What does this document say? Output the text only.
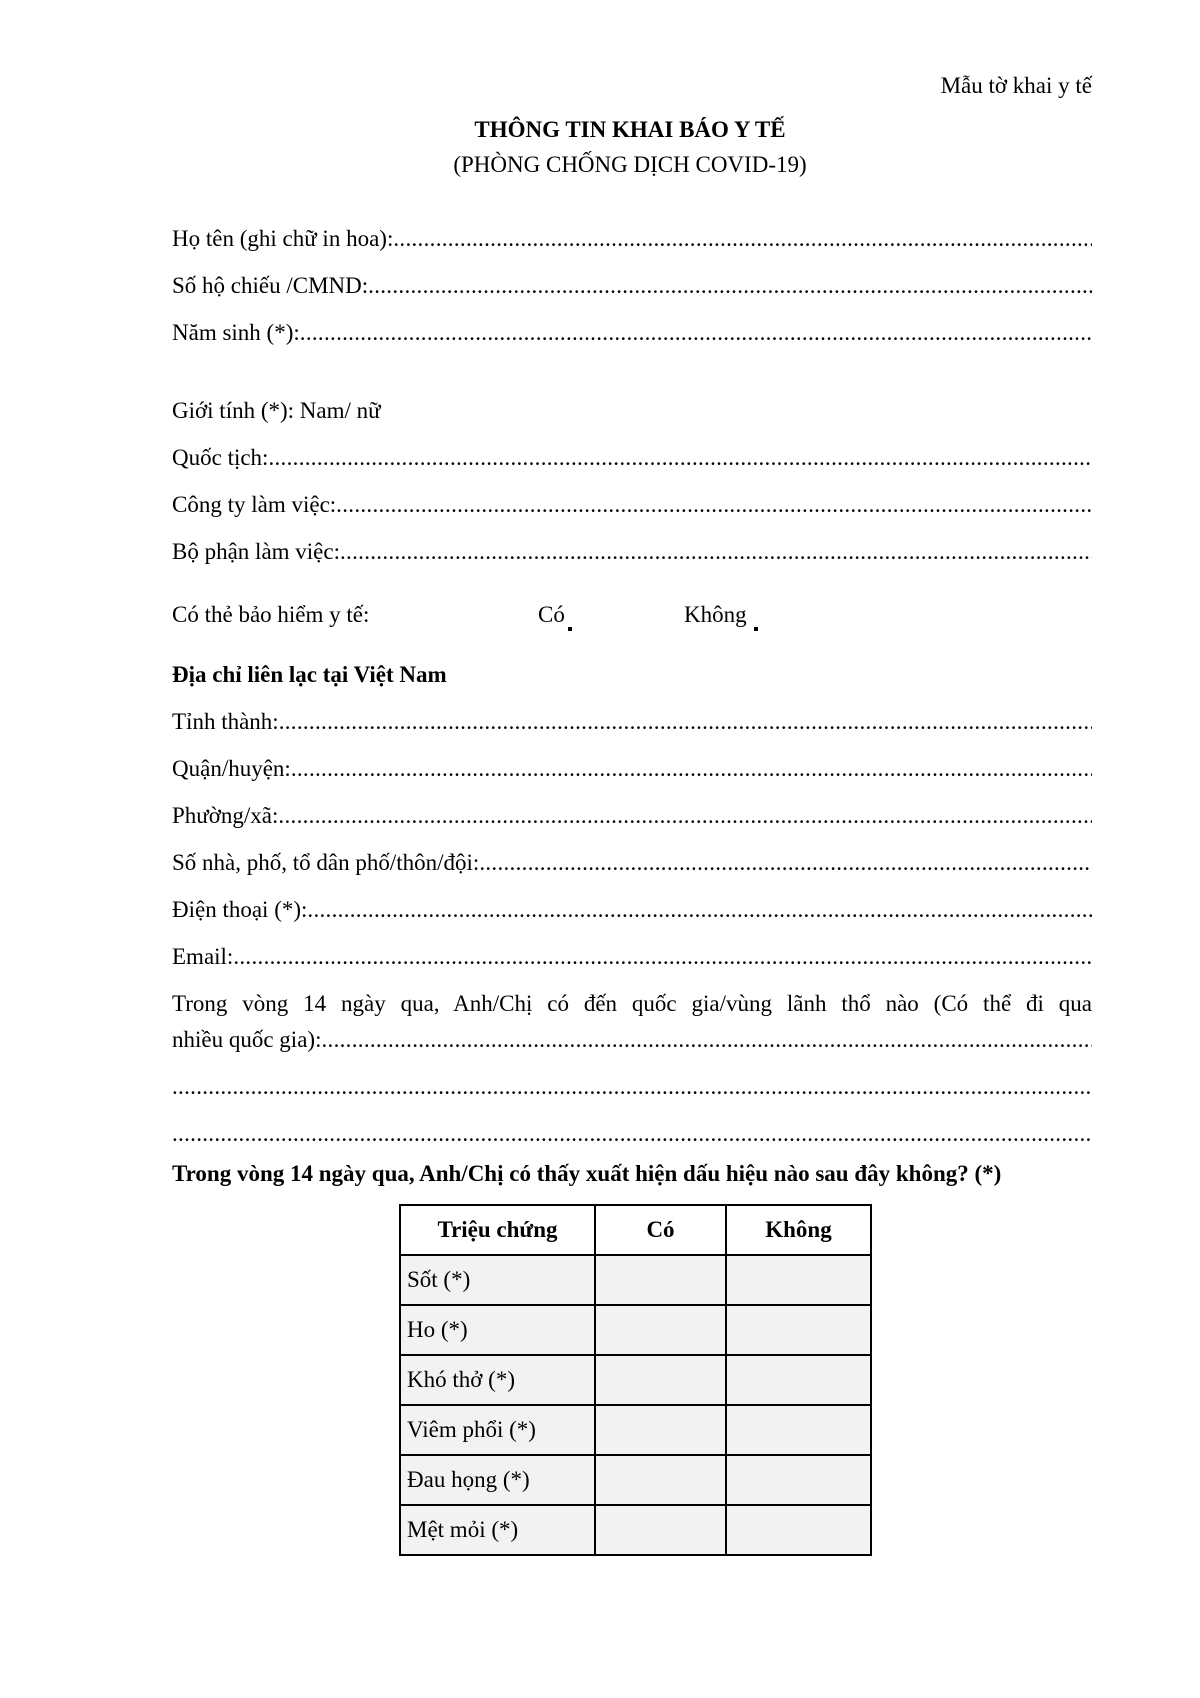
Mẫu tờ khai y tế
THÔNG TIN KHAI BÁO Y TẾ
(PHÒNG CHỐNG DỊCH COVID-19)
Họ tên (ghi chữ in hoa):
.....
Số hộ chiếu /CMND:
.....
Năm sinh (*):
.....
Giới tính (*): Nam/ nữ
Quốc tịch:
.....
Công ty làm việc:
.....
Bộ phận làm việc:
.....
Có thẻ bảo hiểm y tế:	Có	Không
Địa chỉ liên lạc tại Việt Nam
Tỉnh thành:
.....
Quận/huyện:
.....
Phường/xã:
.....
Số nhà, phố, tổ dân phố/thôn/đội:
.....
Điện thoại (*):
.....
Email:
.....
Trong vòng 14 ngày qua, Anh/Chị có đến quốc gia/vùng lãnh thổ nào (Có thể đi qua
nhiều quốc gia):
.....
.....
.....
Trong vòng 14 ngày qua, Anh/Chị có thấy xuất hiện dấu hiệu nào sau đây không? (*)
Triệu chứng	Có	Không
Sốt (*)		
Ho (*)		
Khó thở (*)		
Viêm phổi (*)		
Đau họng (*)		
Mệt mỏi (*)		
